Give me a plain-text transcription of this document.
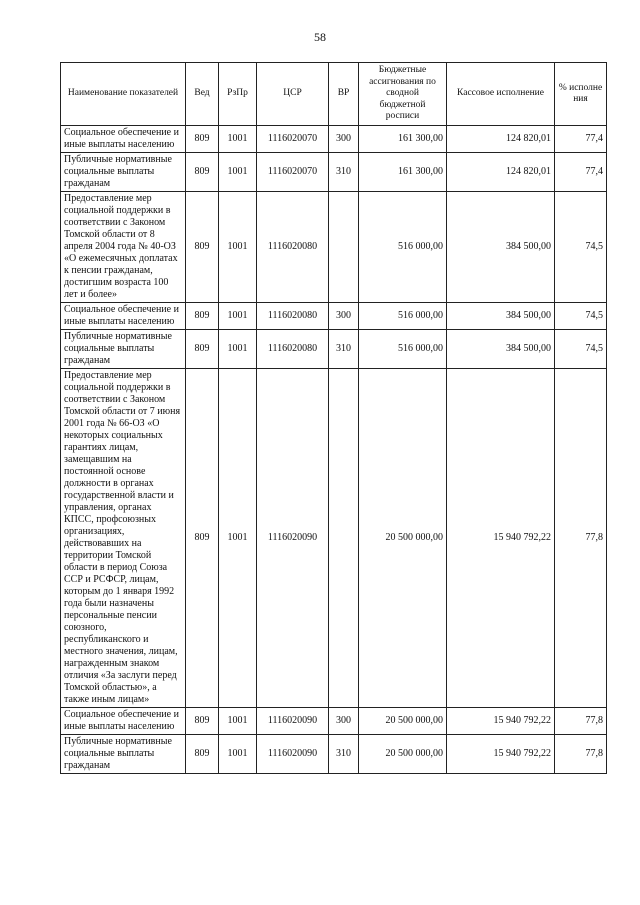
58
Наименование показателей	Вед	РзПр	ЦСР	ВР	Бюджетные ассигнования по сводной бюджетной росписи	Кассовое исполнение	% исполне ния
Социальное обеспечение и иные выплаты населению	809	1001	1116020070	300	161 300,00	124 820,01	77,4
Публичные нормативные социальные выплаты гражданам	809	1001	1116020070	310	161 300,00	124 820,01	77,4
Предоставление мер социальной поддержки в соответствии с Законом Томской области от 8 апреля 2004 года № 40-ОЗ «О ежемесячных доплатах к пенсии гражданам, достигшим возраста 100 лет и более»	809	1001	1116020080		516 000,00	384 500,00	74,5
Социальное обеспечение и иные выплаты населению	809	1001	1116020080	300	516 000,00	384 500,00	74,5
Публичные нормативные социальные выплаты гражданам	809	1001	1116020080	310	516 000,00	384 500,00	74,5
Предоставление мер социальной поддержки в соответствии с Законом Томской области от 7 июня 2001 года № 66-ОЗ «О некоторых социальных гарантиях лицам, замещавшим на постоянной основе должности в органах государственной власти и управления, органах КПСС, профсоюзных организациях, действовавших на территории Томской области в период Союза ССР и РСФСР, лицам, которым до 1 января 1992 года были назначены персональные пенсии союзного, республиканского и местного значения, лицам, награжденным знаком отличия «За заслуги перед Томской областью», а также иным лицам»	809	1001	1116020090		20 500 000,00	15 940 792,22	77,8
Социальное обеспечение и иные выплаты населению	809	1001	1116020090	300	20 500 000,00	15 940 792,22	77,8
Публичные нормативные социальные выплаты гражданам	809	1001	1116020090	310	20 500 000,00	15 940 792,22	77,8
